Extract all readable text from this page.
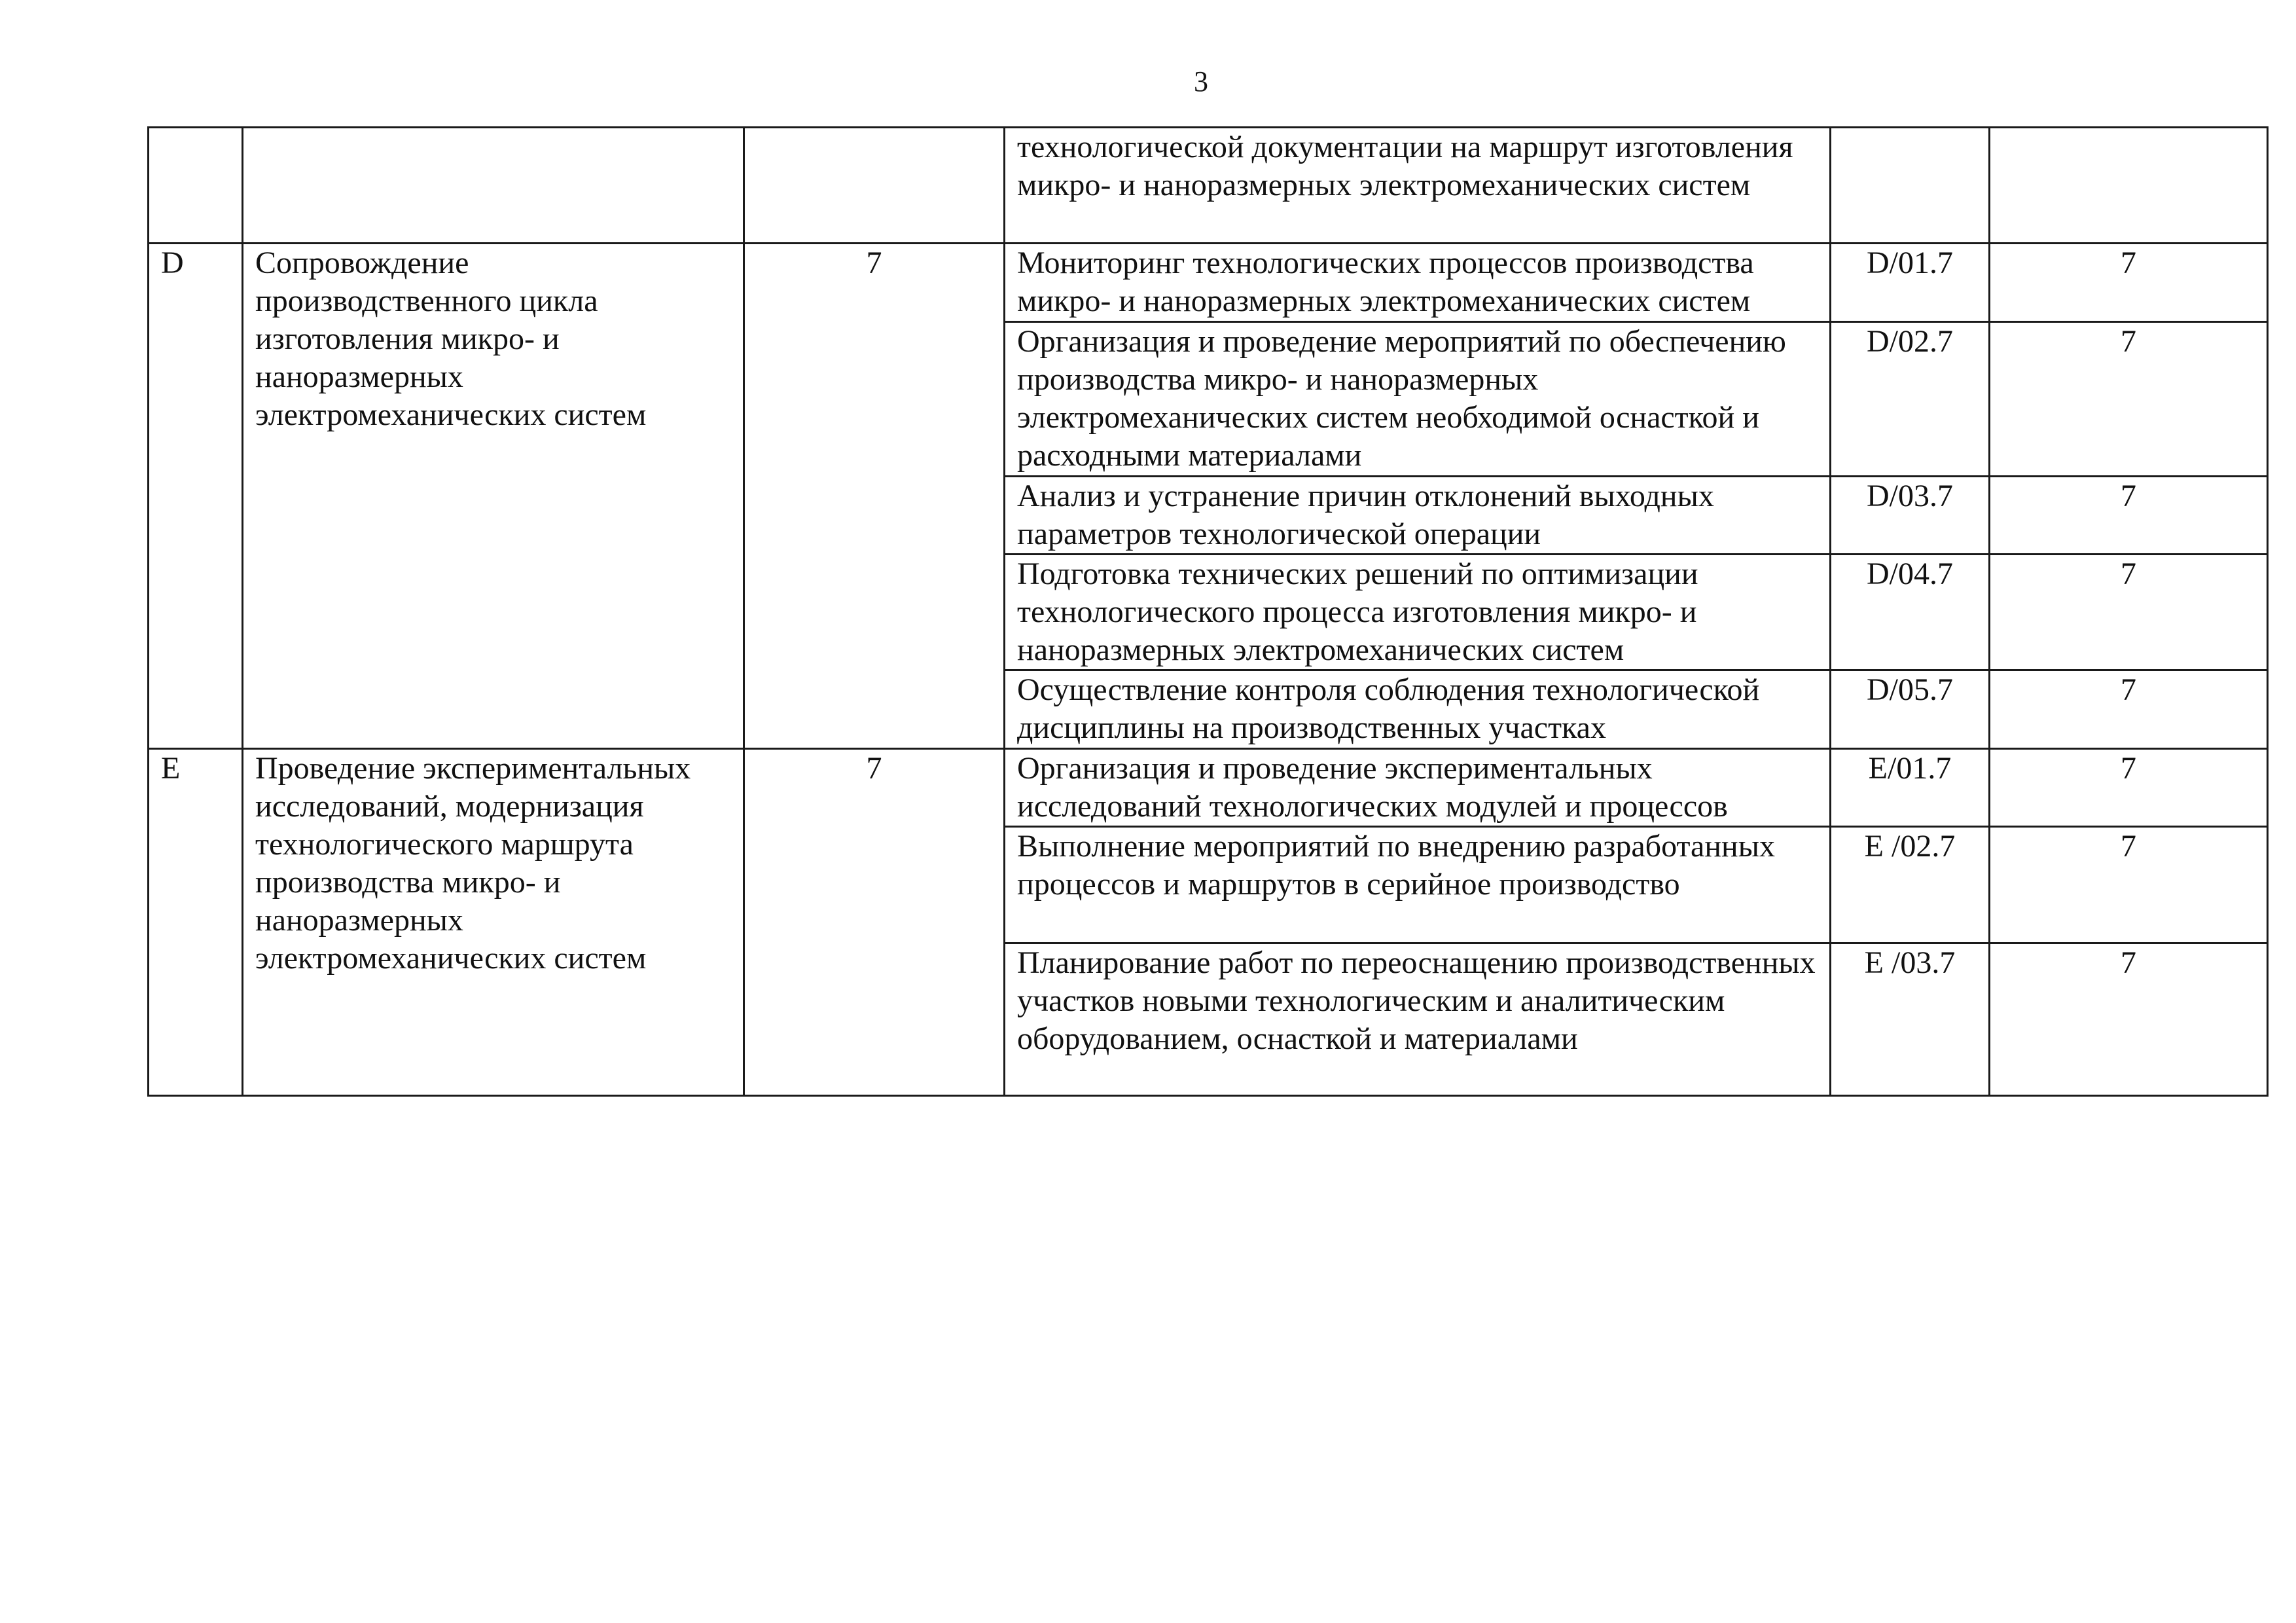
3
			технологической документации на маршрут изготовления микро- и наноразмерных электромеханических систем		
D	Сопровождение производственного цикла изготовления микро- и наноразмерных электромеханических систем	7	Мониторинг технологических процессов производства микро- и наноразмерных электромеханических систем	D/01.7	7
			Организация и проведение мероприятий по обеспечению производства микро- и наноразмерных электромеханических систем необходимой оснасткой и расходными материалами	D/02.7	7
			Анализ и устранение причин отклонений выходных параметров технологической операции	D/03.7	7
			Подготовка технических решений по оптимизации технологического процесса изготовления микро- и наноразмерных электромеханических систем	D/04.7	7
			Осуществление контроля соблюдения технологической дисциплины на производственных участках	D/05.7	7
E	Проведение экспериментальных исследований, модернизация технологического маршрута производства микро- и наноразмерных электромеханических систем	7	Организация и проведение экспериментальных исследований технологических модулей и процессов	E/01.7	7
			Выполнение мероприятий по внедрению разработанных процессов и маршрутов в серийное производство	E /02.7	7
			Планирование работ по переоснащению производственных участков новыми технологическим и аналитическим оборудованием, оснасткой и материалами	E /03.7	7
